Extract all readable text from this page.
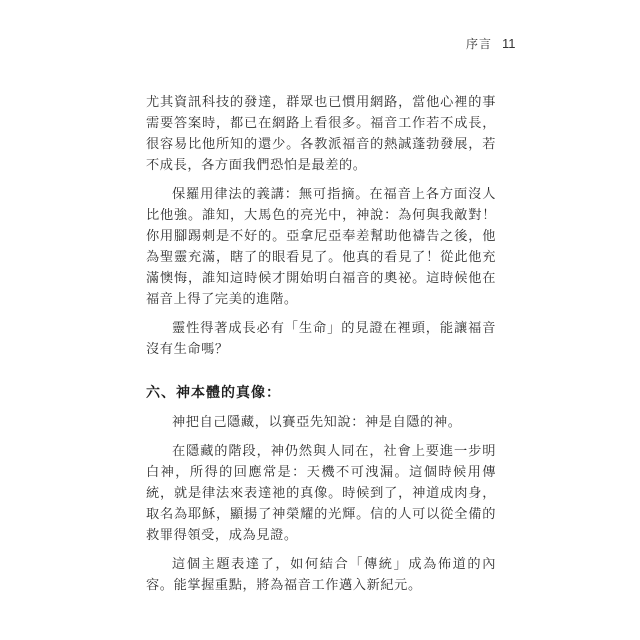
序言 11

尤其資訊科技的發達，群眾也已慣用網路，當他心裡的事需要答案時，都已在網路上看很多。福音工作若不成長，很容易比他所知的還少。各教派福音的熱誠蓬勃發展，若不成長，各方面我們恐怕是最差的。

保羅用律法的義講：無可指摘。在福音上各方面沒人比他強。誰知，大馬色的亮光中，神說：為何與我敵對！你用腳踢刺是不好的。亞拿尼亞奉差幫助他禱告之後，他為聖靈充滿，瞎了的眼看見了。他真的看見了！從此他充滿懊悔，誰知這時候才開始明白福音的奧祕。這時候他在福音上得了完美的進階。

靈性得著成長必有「生命」的見證在裡頭，能讓福音沒有生命嗎？

六、神本體的真像：

神把自己隱藏，以賽亞先知說：神是自隱的神。

在隱藏的階段，神仍然與人同在，社會上要進一步明白神，所得的回應常是：天機不可洩漏。這個時候用傳統，就是律法來表達祂的真像。時候到了，神道成肉身，取名為耶穌，顯揚了神榮耀的光輝。信的人可以從全備的救罪得領受，成為見證。

這個主題表達了，如何結合「傳統」成為佈道的內容。能掌握重點，將為福音工作邁入新紀元。
